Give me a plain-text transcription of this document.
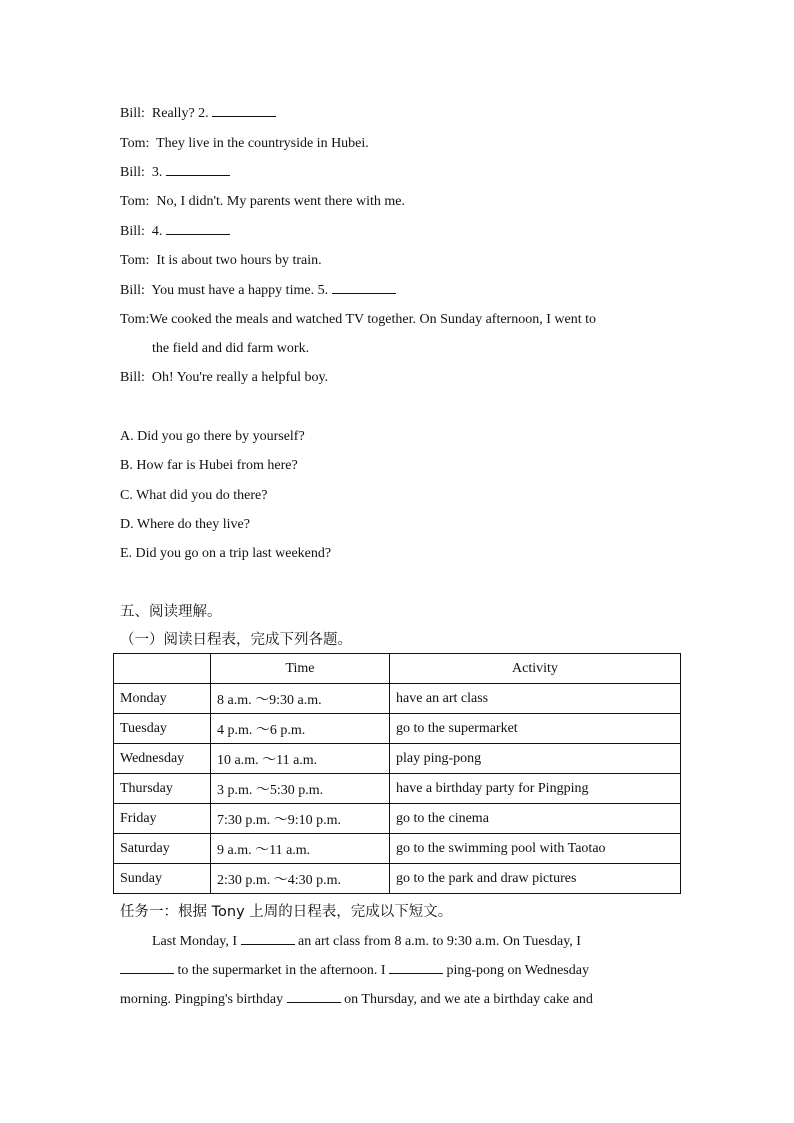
Bill: Really? 2.
Tom: They live in the countryside in Hubei.
Bill: 3.
Tom: No, I didn't. My parents went there with me.
Bill: 4.
Tom: It is about two hours by train.
Bill: You must have a happy time. 5.
Tom:We cooked the meals and watched TV together. On Sunday afternoon, I went to
the field and did farm work.
Bill: Oh! You're really a helpful boy.
A. Did you go there by yourself?
B. How far is Hubei from here?
C. What did you do there?
D. Where do they live?
E. Did you go on a trip last weekend?
五、阅读理解。
（一）阅读日程表，完成下列各题。
	Time	Activity
Monday	8 a.m. ～9:30 a.m.	have an art class
Tuesday	4 p.m. ～6 p.m.	go to the supermarket
Wednesday	10 a.m. ～11 a.m.	play ping-pong
Thursday	3 p.m. ～5:30 p.m.	have a birthday party for Pingping
Friday	7:30 p.m. ～9:10 p.m.	go to the cinema
Saturday	9 a.m. ～11 a.m.	go to the swimming pool with Taotao
Sunday	2:30 p.m. ～4:30 p.m.	go to the park and draw pictures
任务一：根据 Tony 上周的日程表，完成以下短文。
Last Monday, I	an art class from 8 a.m. to 9:30 a.m. On Tuesday, I
to the supermarket in the afternoon. I	ping-pong on Wednesday
morning. Pingping's birthday	on Thursday, and we ate a birthday cake and
